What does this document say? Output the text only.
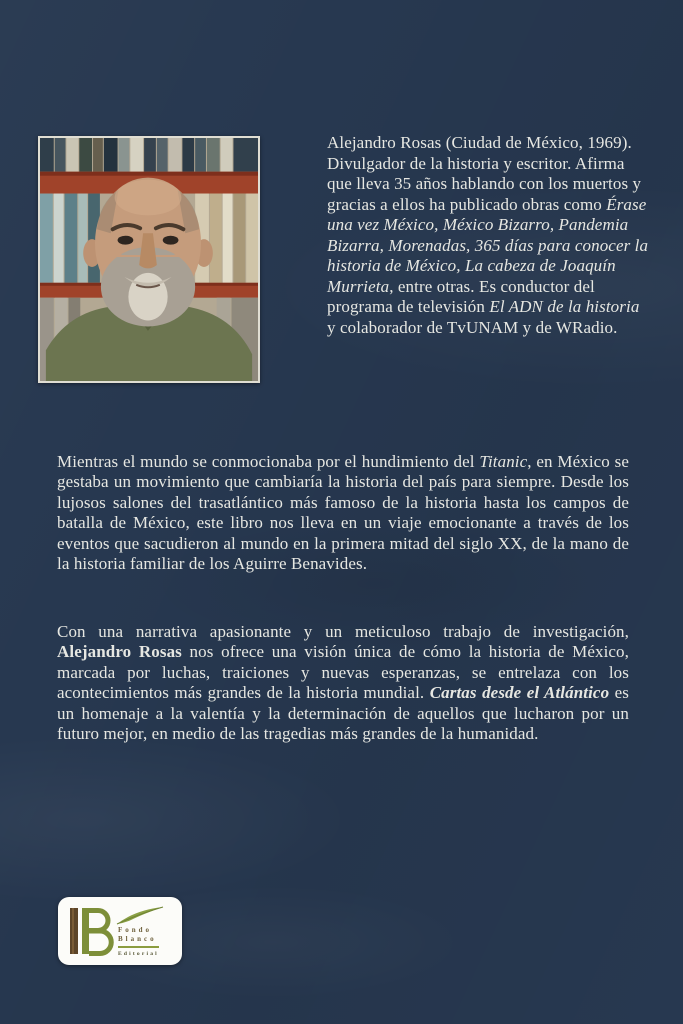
Alejandro Rosas (Ciudad de México, 1969). Divulgador de la historia y escritor. Afirma que lleva 35 años hablando con los muertos y gracias a ellos ha publicado obras como Érase una vez México, México Bizarro, Pandemia Bizarra, Morenadas, 365 días para conocer la historia de México, La cabeza de Joaquín Murrieta, entre otras. Es conductor del programa de televisión El ADN de la historia y colaborador de TvUNAM y de WRadio.
Mientras el mundo se conmocionaba por el hundimiento del Titanic, en México se gestaba un movimiento que cambiaría la historia del país para siempre. Desde los lujosos salones del trasatlántico más famoso de la historia hasta los campos de batalla de México, este libro nos lleva en un viaje emocionante a través de los eventos que sacudieron al mundo en la primera mitad del siglo XX, de la mano de la historia familiar de los Aguirre Benavides.
Con una narrativa apasionante y un meticuloso trabajo de investigación, Alejandro Rosas nos ofrece una visión única de cómo la historia de México, marcada por luchas, traiciones y nuevas esperanzas, se entrelaza con los acontecimientos más grandes de la historia mundial. Cartas desde el Atlántico es un homenaje a la valentía y la determinación de aquellos que lucharon por un futuro mejor, en medio de las tragedias más grandes de la humanidad.
Fondo
Blanco
Editorial
